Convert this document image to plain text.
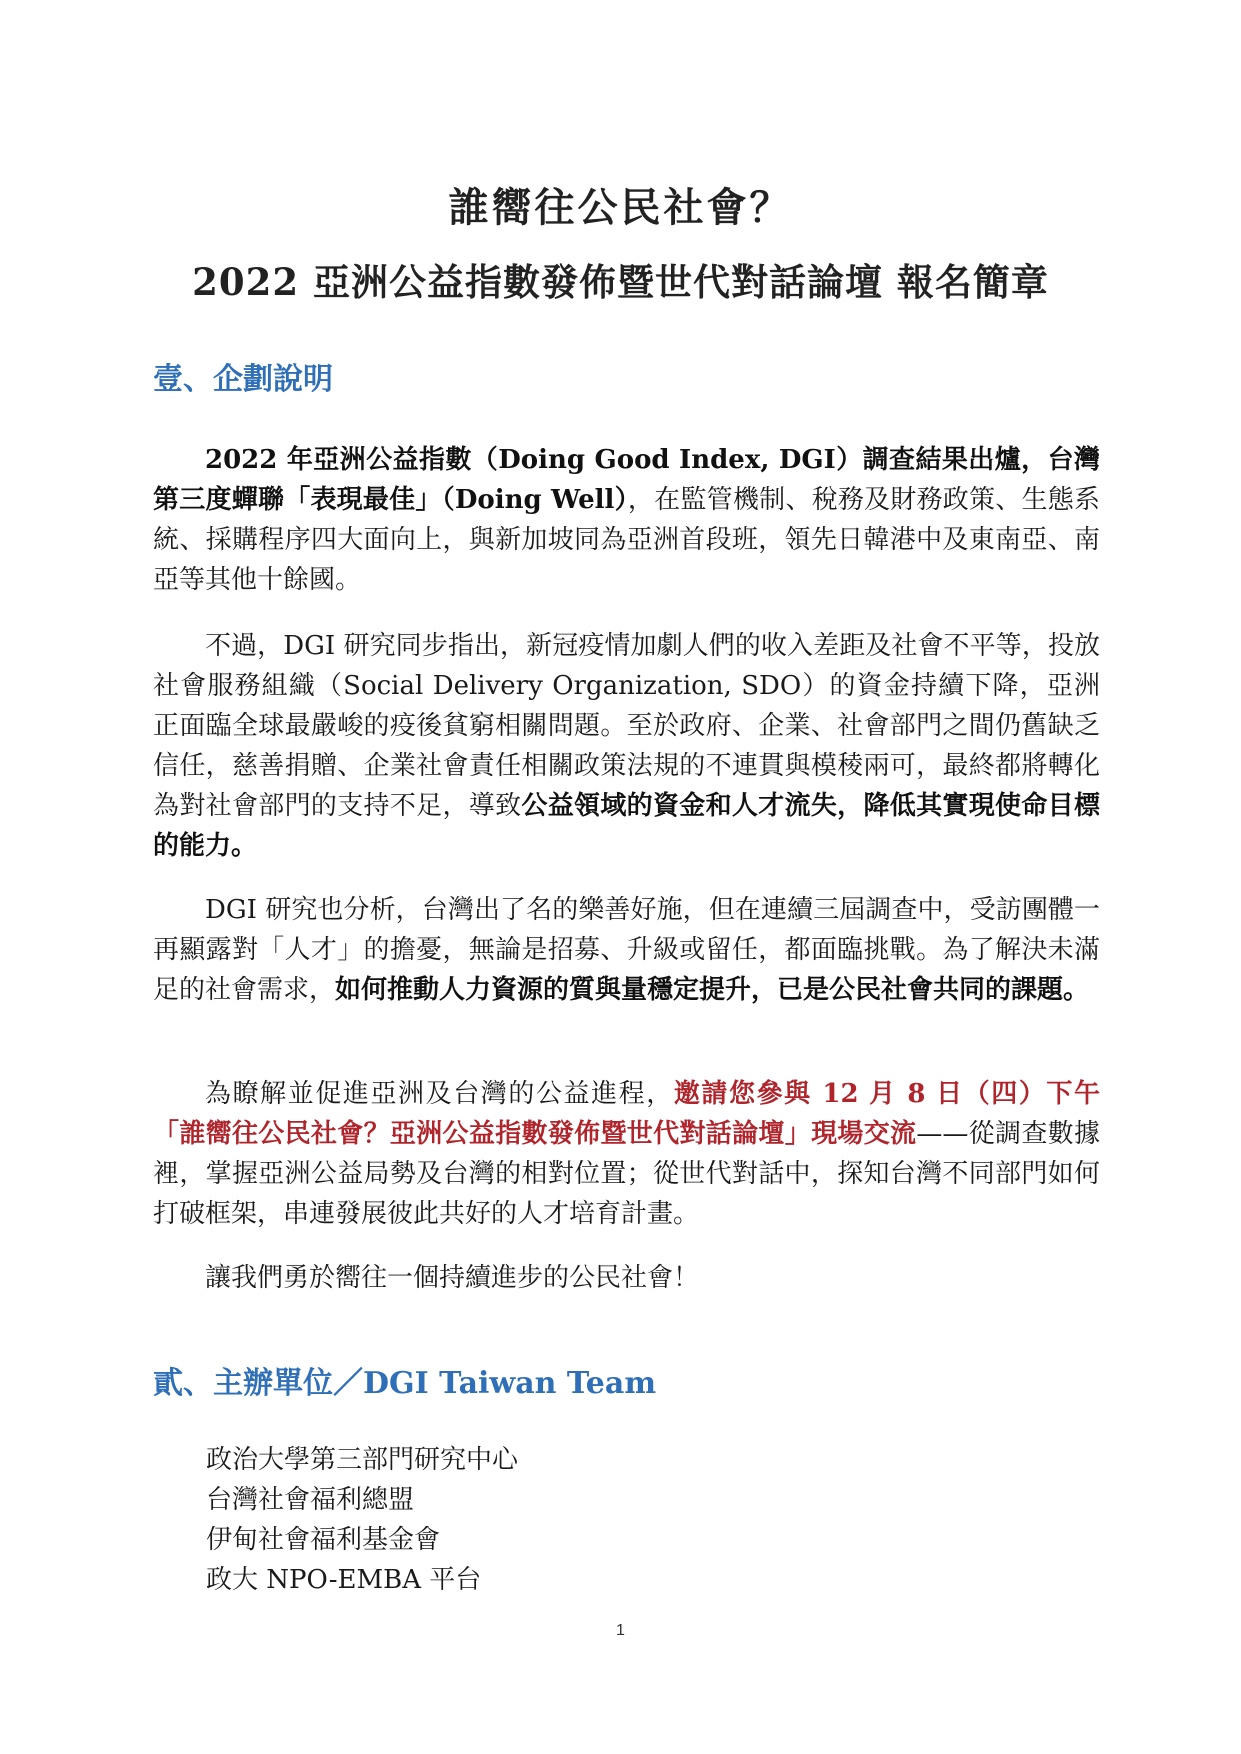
誰嚮往公民社會？
2022 亞洲公益指數發佈暨世代對話論壇 報名簡章
壹、企劃說明

2022 年亞洲公益指數（Doing Good Index, DGI）調查結果出爐，台灣第三度蟬聯「表現最佳」（Doing Well），在監管機制、稅務及財務政策、生態系統、採購程序四大面向上，與新加坡同為亞洲首段班，領先日韓港中及東南亞、南亞等其他十餘國。

不過，DGI 研究同步指出，新冠疫情加劇人們的收入差距及社會不平等，投放社會服務組織（Social Delivery Organization, SDO）的資金持續下降，亞洲正面臨全球最嚴峻的疫後貧窮相關問題。至於政府、企業、社會部門之間仍舊缺乏信任，慈善捐贈、企業社會責任相關政策法規的不連貫與模稜兩可，最終都將轉化為對社會部門的支持不足，導致公益領域的資金和人才流失，降低其實現使命目標的能力。

DGI 研究也分析，台灣出了名的樂善好施，但在連續三屆調查中，受訪團體一再顯露對「人才」的擔憂，無論是招募、升級或留任，都面臨挑戰。為了解決未滿足的社會需求，如何推動人力資源的質與量穩定提升，已是公民社會共同的課題。

為瞭解並促進亞洲及台灣的公益進程，邀請您參與 12 月 8 日（四）下午「誰嚮往公民社會？亞洲公益指數發佈暨世代對話論壇」現場交流——從調查數據裡，掌握亞洲公益局勢及台灣的相對位置；從世代對話中，探知台灣不同部門如何打破框架，串連發展彼此共好的人才培育計畫。

讓我們勇於嚮往一個持續進步的公民社會！

貳、主辦單位／DGI Taiwan Team
政治大學第三部門研究中心
台灣社會福利總盟
伊甸社會福利基金會
政大 NPO-EMBA 平台
1
